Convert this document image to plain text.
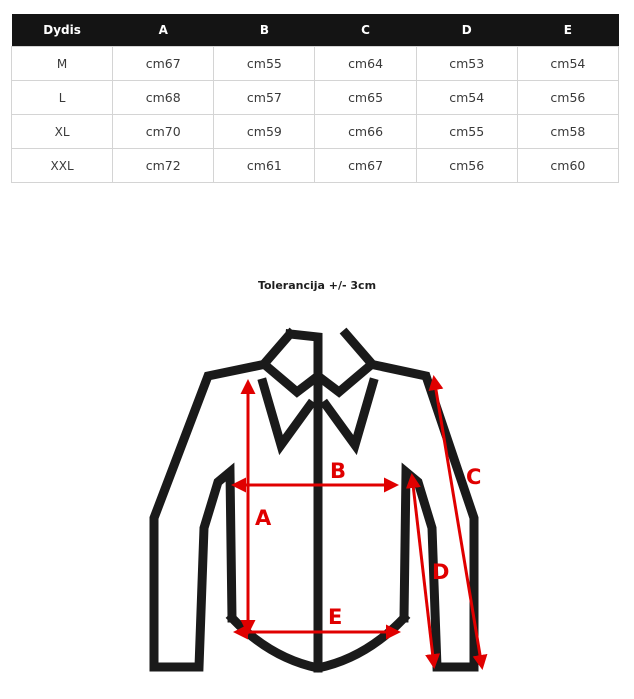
Dydis	A	B	C	D	E
M	cm67	cm55	cm64	cm53	cm54
L	cm68	cm57	cm65	cm54	cm56
XL	cm70	cm59	cm66	cm55	cm58
XXL	cm72	cm61	cm67	cm56	cm60
Tolerancija +/- 3cm
A
B	C
D
E
